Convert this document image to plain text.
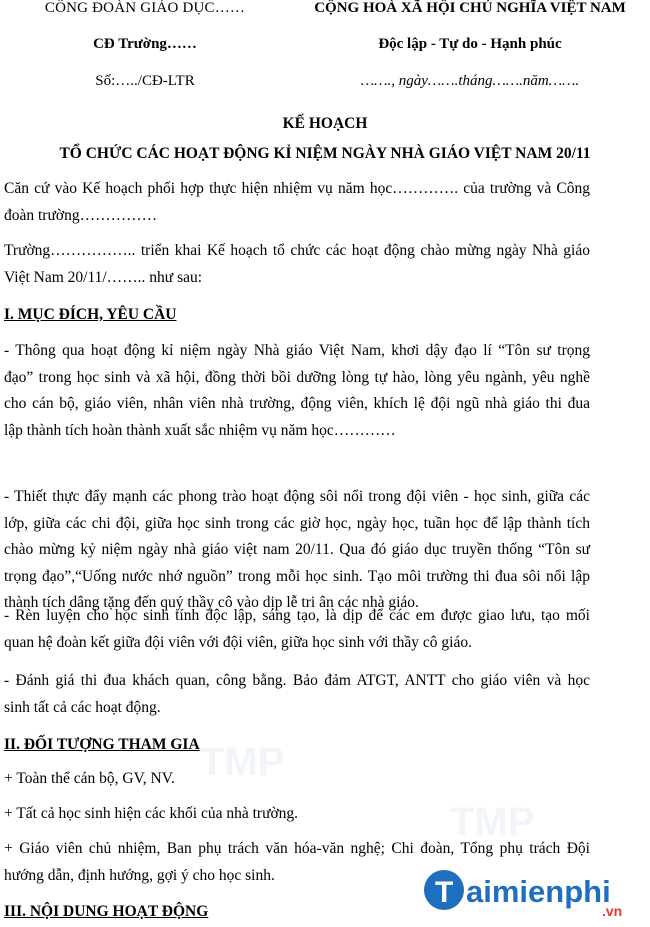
TMP
TMP
CÔNG ĐOÀN GIÁO DỤC……	CỘNG HOÀ XÃ HỘI CHỦ NGHĨA VIỆT NAM
CĐ Trường……	Độc lập - Tự do - Hạnh phúc
Số:…../CĐ-LTR	……., ngày…….tháng…….năm…….
KẾ HOẠCH
TỔ CHỨC CÁC HOẠT ĐỘNG KỈ NIỆM NGÀY NHÀ GIÁO VIỆT NAM 20/11
Căn cứ vào Kế hoạch phối hợp thực hiện nhiệm vụ năm học…………. của trường và Công
đoàn trường……………
Trường…………….. triển khai Kế hoạch tổ chức các hoạt động chào mừng ngày Nhà giáo
Việt Nam 20/11/…….. như sau:
I. MỤC ĐÍCH, YÊU CẦU
- Thông qua hoạt động kỉ niệm ngày Nhà giáo Việt Nam, khơi dậy đạo lí “Tôn sư trọng
đạo” trong học sinh và xã hội, đồng thời bồi dưỡng lòng tự hào, lòng yêu ngành, yêu nghề
cho cán bộ, giáo viên, nhân viên nhà trường, động viên, khích lệ đội ngũ nhà giáo thi đua
lập thành tích hoàn thành xuất sắc nhiệm vụ năm học…………
- Thiết thực đẩy mạnh các phong trào hoạt động sôi nổi trong đội viên - học sinh, giữa các
lớp, giữa các chi đội, giữa học sinh trong các giờ học, ngày học, tuần học để lập thành tích
chào mừng kỷ niệm ngày nhà giáo việt nam 20/11. Qua đó giáo dục truyền thống “Tôn sư
trọng đạo”,“Uống nước nhớ nguồn” trong mỗi học sinh. Tạo môi trường thi đua sôi nổi lập
thành tích dâng tặng đến quý thầy cô vào dịp lễ tri ân các nhà giáo.
- Rèn luyện cho học sinh tính độc lập, sáng tạo, là dịp để các em được giao lưu, tạo mối
quan hệ đoàn kết giữa đội viên với đội viên, giữa học sinh với thầy cô giáo.
- Đánh giá thi đua khách quan, công bằng. Bảo đảm ATGT, ANTT cho giáo viên và học
sinh tất cả các hoạt động.
II. ĐỐI TƯỢNG THAM GIA
+ Toàn thể cán bộ, GV, NV.
+ Tất cả học sinh hiện các khối của nhà trường.
+ Giáo viên chủ nhiệm, Ban phụ trách văn hóa-văn nghệ; Chi đoàn, Tổng phụ trách Đội
hướng dẫn, định hướng, gợi ý cho học sinh.
III. NỘI DUNG HOẠT ĐỘNG
T aimienphi
.vn
